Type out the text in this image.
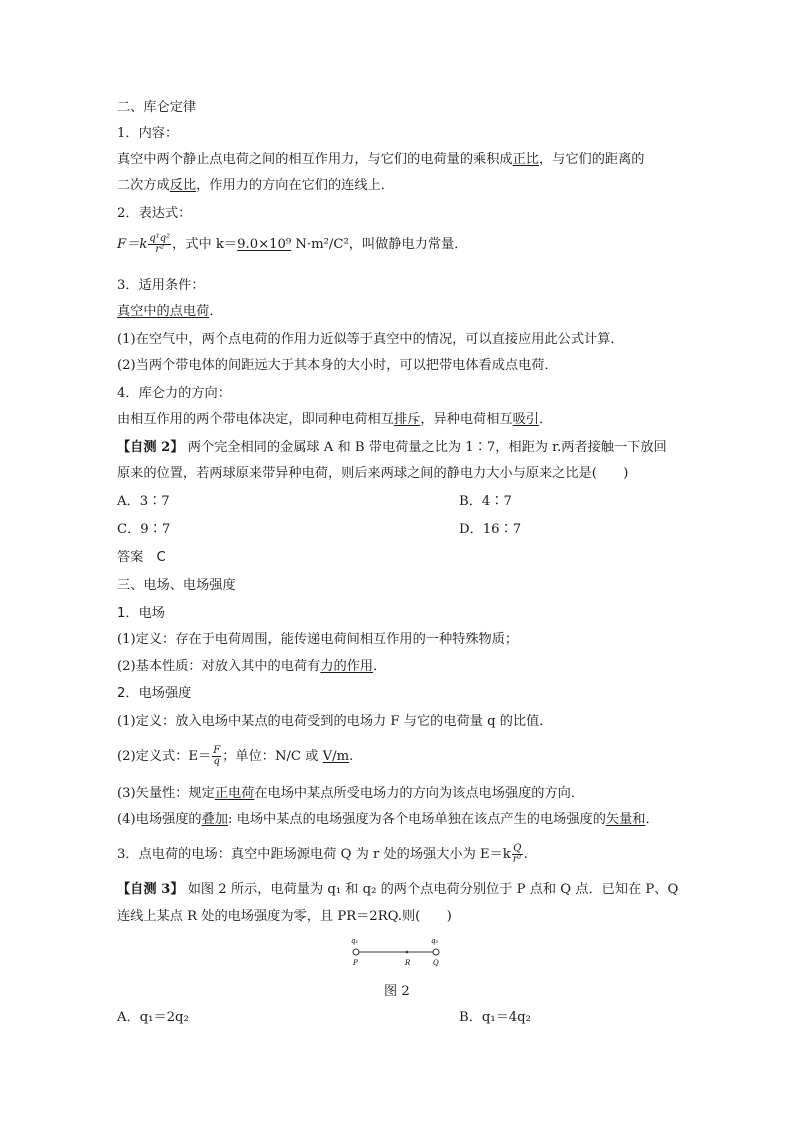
二、库仑定律
1．内容：
真空中两个静止点电荷之间的相互作用力，与它们的电荷量的乘积成正比，与它们的距离的
二次方成反比，作用力的方向在它们的连线上．
2．表达式：
$F=k \frac{\text{q¹q²}}{\text{r²}}$ ，式中 k＝9.0×10⁹ N·m²/C²，叫做静电力常量．
3．适用条件：
真空中的点电荷．
(1)在空气中，两个点电荷的作用力近似等于真空中的情况，可以直接应用此公式计算．
(2)当两个带电体的间距远大于其本身的大小时，可以把带电体看成点电荷．
4．库仑力的方向：
由相互作用的两个带电体决定，即同种电荷相互排斥，异种电荷相互吸引．
【自测 2】 两个完全相同的金属球 A 和 B 带电荷量之比为 1∶7，相距为 r.两者接触一下放回
原来的位置，若两球原来带异种电荷，则后来两球之间的静电力大小与原来之比是(　　)
A．3∶7	B．4∶7
C．9∶7	D．16∶7
答案　C
三、电场、电场强度
1．电场
(1)定义：存在于电荷周围，能传递电荷间相互作用的一种特殊物质；
(2)基本性质：对放入其中的电荷有力的作用．
2．电场强度
(1)定义：放入电场中某点的电荷受到的电场力 F 与它的电荷量 q 的比值．
(2)定义式：$E= \frac{F}{q}$ ；单位：N/C 或 V/m.
(3)矢量性：规定正电荷在电场中某点所受电场力的方向为该点电场强度的方向．
(4)电场强度的叠加: 电场中某点的电场强度为各个电场单独在该点产生的电场强度的矢量和．
3．点电荷的电场：真空中距场源电荷 Q 为 r 处的场强大小为 $E=k \frac{Q}{\text{r²}}$ .
【自测 3】 如图 2 所示，电荷量为 q₁ 和 q₂ 的两个点电荷分别位于 P 点和 Q 点．已知在 P、Q
连线上某点 R 处的电场强度为零，且 PR＝2RQ.则(　　)
q₁	q₂
P	R	Q
图 2
A．q₁＝2q₂	B．q₁＝4q₂
